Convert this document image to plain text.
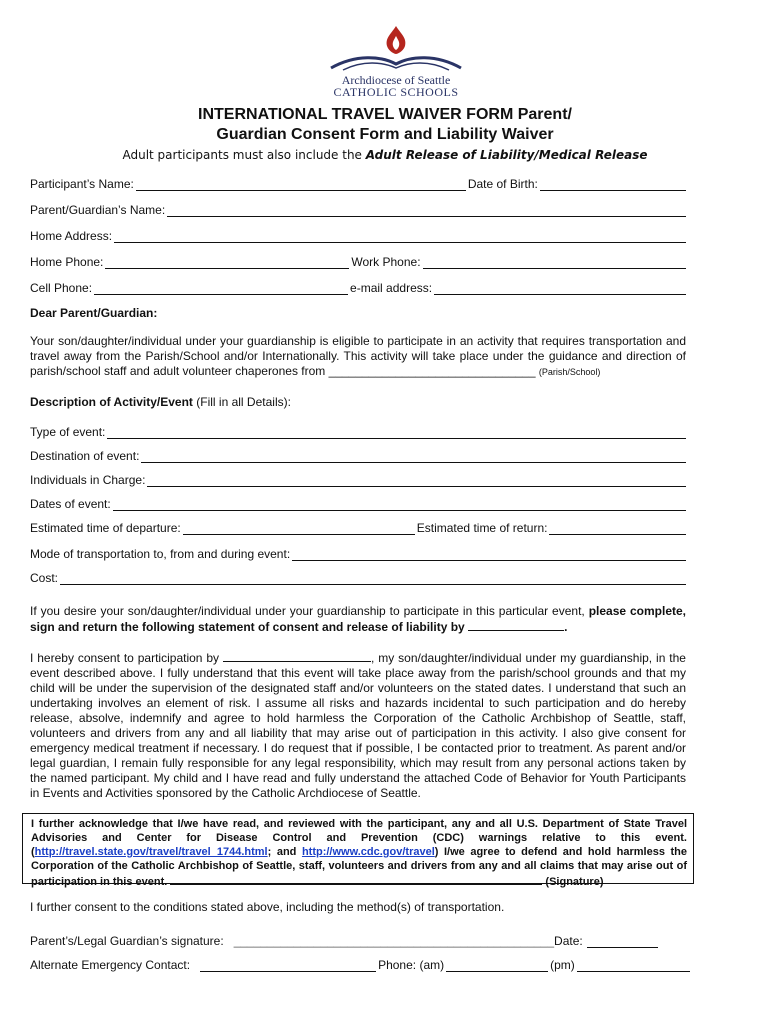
Archdiocese of Seattle
CATHOLIC SCHOOLS
INTERNATIONAL TRAVEL WAIVER FORM Parent/
Guardian Consent Form and Liability Waiver
Adult participants must also include the Adult Release of Liability/Medical Release
Participant’s Name:	Date of Birth:
Parent/Guardian’s Name:
Home Address:
Home Phone:	Work Phone:
Cell Phone:	e-mail address:
Dear Parent/Guardian:
Your son/daughter/individual under your guardianship is eligible to participate in an activity that requires transportation and travel away from the Parish/School and/or Internationally. This activity will take place under the guidance and direction of parish/school staff and adult volunteer chaperones from _______________________________ (Parish/School)
Description of Activity/Event (Fill in all Details):
Type of event:
Destination of event:
Individuals in Charge:
Dates of event:
Estimated time of departure:	Estimated time of return:
Mode of transportation to, from and during event:
Cost:
If you desire your son/daughter/individual under your guardianship to participate in this particular event, please complete, sign and return the following statement of consent and release of liability by	.
I hereby consent to participation by	, my son/daughter/individual under my guardianship, in the event described above. I fully understand that this event will take place away from the parish/school grounds and that my child will be under the supervision of the designated staff and/or volunteers on the stated dates. I understand that such an undertaking involves an element of risk. I assume all risks and hazards incidental to such participation and do hereby release, absolve, indemnify and agree to hold harmless the Corporation of the Catholic Archbishop of Seattle, staff, volunteers and drivers from any and all liability that may arise out of participation in this activity. I also give consent for emergency medical treatment if necessary. I do request that if possible, I be contacted prior to treatment. As parent and/or legal guardian, I remain fully responsible for any legal responsibility, which may result from any personal actions taken by the named participant. My child and I have read and fully understand the attached Code of Behavior for Youth Participants in Events and Activities sponsored by the Catholic Archdiocese of Seattle.
I further acknowledge that I/we have read, and reviewed with the participant, any and all U.S. Department of State Travel Advisories and Center for Disease Control and Prevention (CDC) warnings relative to this event. (http://travel.state.gov/travel/travel_1744.html; and http://www.cdc.gov/travel) I/we agree to defend and hold harmless the Corporation of the Catholic Archbishop of Seattle, staff, volunteers and drivers from any and all claims that may arise out of participation in this event.	(Signature)
I further consent to the conditions stated above, including the method(s) of transportation.
Parent’s/Legal Guardian’s signature: ________________________________________________ Date:
Alternate Emergency Contact:	Phone: (am)	(pm)
